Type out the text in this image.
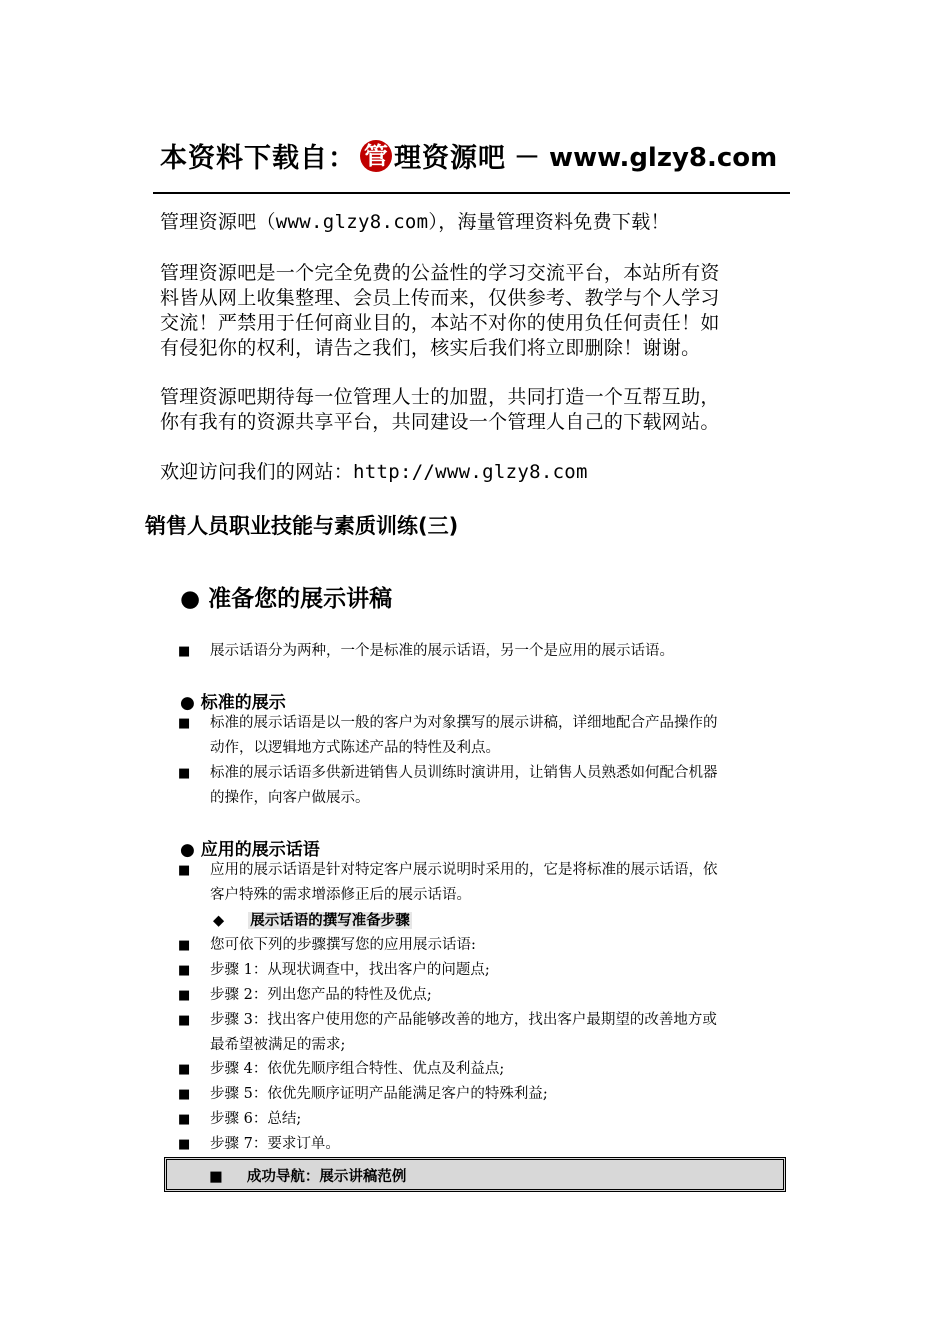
本资料下载自： 管 理资源吧 － www.glzy8.com

管理资源吧（www.glzy8.com），海量管理资料免费下载！

管理资源吧是一个完全免费的公益性的学习交流平台，本站所有资

料皆从网上收集整理、会员上传而来，仅供参考、教学与个人学习

交流！严禁用于任何商业目的，本站不对你的使用负任何责任！如

有侵犯你的权利，请告之我们，核实后我们将立即删除！谢谢。

管理资源吧期待每一位管理人士的加盟，共同打造一个互帮互助，

你有我有的资源共享平台，共同建设一个管理人自己的下载网站。

欢迎访问我们的网站：http://www.glzy8.com

销售人员职业技能与素质训练(三)
● 准备您的展示讲稿
■	展示话语分为两种，一个是标准的展示话语，另一个是应用的展示话语。
● 标准的展示
■	标准的展示话语是以一般的客户为对象撰写的展示讲稿，详细地配合产品操作的
动作，以逻辑地方式陈述产品的特性及利点。
■	标准的展示话语多供新进销售人员训练时演讲用，让销售人员熟悉如何配合机器
的操作，向客户做展示。
● 应用的展示话语
■	应用的展示话语是针对特定客户展示说明时采用的，它是将标准的展示话语，依
客户特殊的需求增添修正后的展示话语。
◆ 展示话语的撰写准备步骤
■	您可依下列的步骤撰写您的应用展示话语:
■	步骤 1：从现状调查中，找出客户的问题点;
■	步骤 2：列出您产品的特性及优点;
■	步骤 3：找出客户使用您的产品能够改善的地方，找出客户最期望的改善地方或
最希望被满足的需求;
■	步骤 4：依优先顺序组合特性、优点及利益点;
■	步骤 5：依优先顺序证明产品能满足客户的特殊利益;
■	步骤 6：总结;
■	步骤 7：要求订单。
■ 成功导航：展示讲稿范例
